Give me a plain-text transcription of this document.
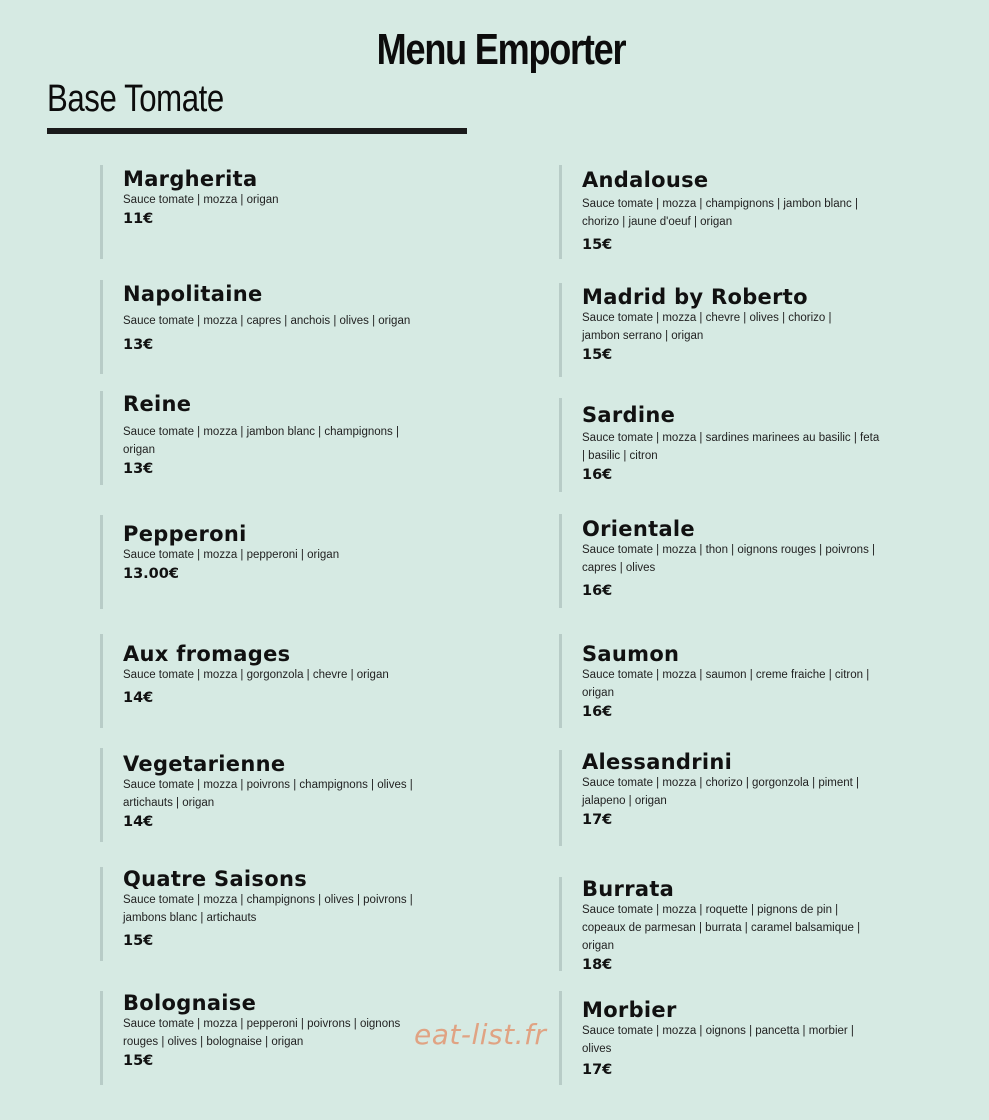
Menu Emporter
Base Tomate
Margherita
Sauce tomate | mozza | origan
11€
Napolitaine
Sauce tomate | mozza | capres | anchois | olives | origan
13€
Reine
Sauce tomate | mozza | jambon blanc | champignons | origan
13€
Pepperoni
Sauce tomate | mozza | pepperoni | origan
13.00€
Aux fromages
Sauce tomate | mozza | gorgonzola | chevre | origan
14€
Vegetarienne
Sauce tomate | mozza | poivrons | champignons | olives | artichauts | origan
14€
Quatre Saisons
Sauce tomate | mozza | champignons | olives | poivrons | jambons blanc | artichauts
15€
Bolognaise
Sauce tomate | mozza | pepperoni | poivrons | oignons rouges | olives | bolognaise | origan
15€
Andalouse
Sauce tomate | mozza | champignons | jambon blanc | chorizo | jaune d'oeuf | origan
15€
Madrid by Roberto
Sauce tomate | mozza | chevre | olives | chorizo | jambon serrano | origan
15€
Sardine
Sauce tomate | mozza | sardines marinees au basilic | feta | basilic | citron
16€
Orientale
Sauce tomate | mozza | thon | oignons rouges | poivrons | capres | olives
16€
Saumon
Sauce tomate | mozza | saumon | creme fraiche | citron | origan
16€
Alessandrini
Sauce tomate | mozza | chorizo | gorgonzola | piment | jalapeno | origan
17€
Burrata
Sauce tomate | mozza | roquette | pignons de pin | copeaux de parmesan | burrata | caramel balsamique | origan
18€
Morbier
Sauce tomate | mozza | oignons | pancetta | morbier | olives
17€
eat-list.fr
